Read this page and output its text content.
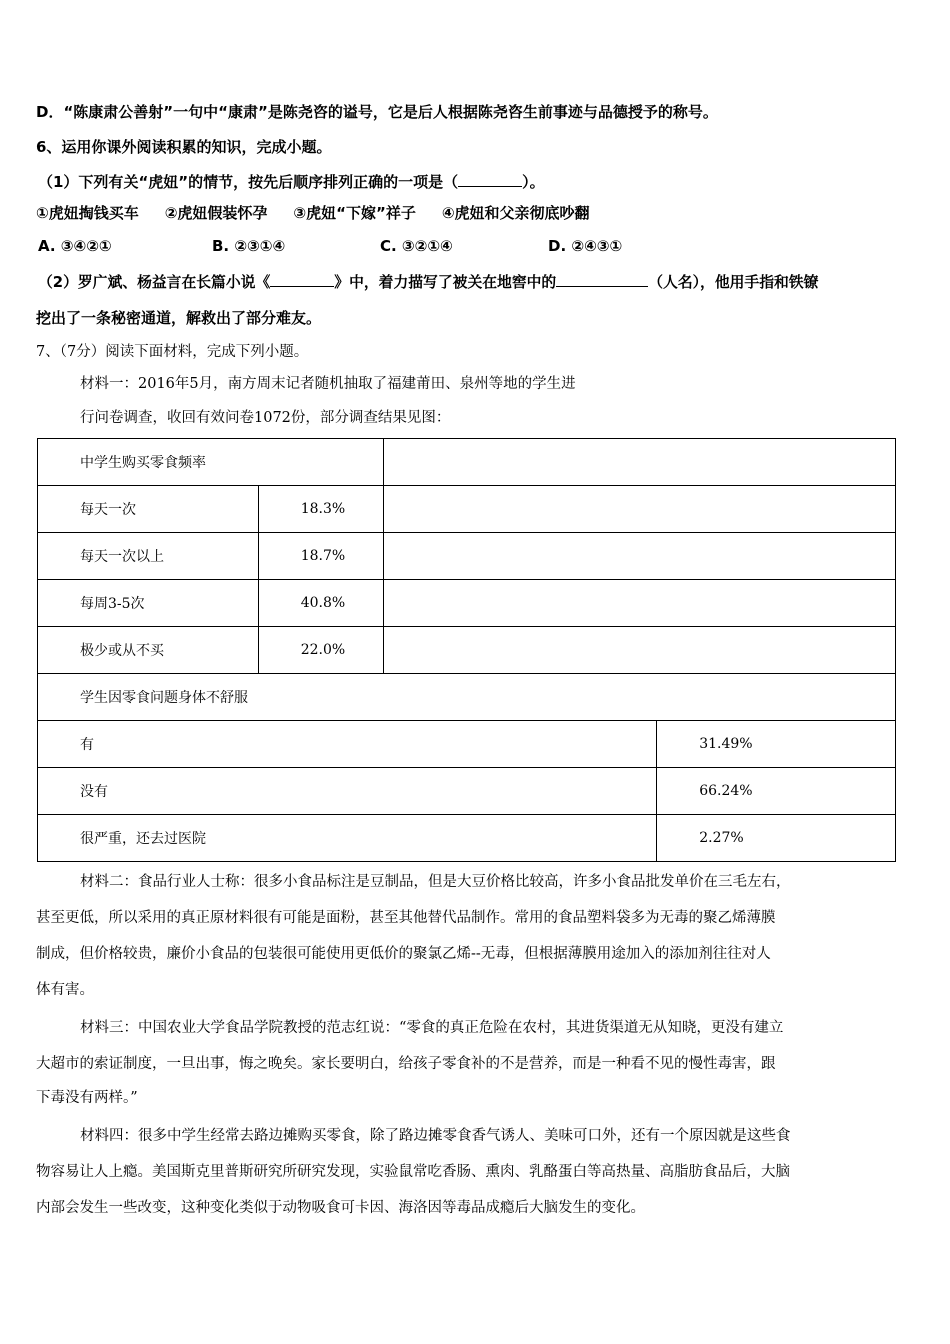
D．“陈康肃公善射”一句中“康肃”是陈尧咨的谥号，它是后人根据陈尧咨生前事迹与品德授予的称号。
6、运用你课外阅读积累的知识，完成小题。
（1）下列有关“虎妞”的情节，按先后顺序排列正确的一项是（	）。
①虎妞掏钱买车 ②虎妞假装怀孕 ③虎妞“下嫁”祥子 ④虎妞和父亲彻底吵翻
A. ③④②①	B. ②③①④	C. ③②①④	D. ②④③①
（2）罗广斌、杨益言在长篇小说《	》中，着力描写了被关在地窖中的	（人名），他用手指和铁镣
挖出了一条秘密通道，解救出了部分难友。
7、（7分）阅读下面材料，完成下列小题。
材料一：2016年5月，南方周末记者随机抽取了福建莆田、泉州等地的学生进
行问卷调查，收回有效问卷1072份，部分调查结果见图：
中学生购买零食频率			
每天一次	18.3%		
每天一次以上	18.7%		
每周3-5次	40.8%		
极少或从不买	22.0%		
学生因零食问题身体不舒服			
有			31.49%
没有			66.24%
很严重，还去过医院			2.27%
材料二：食品行业人士称：很多小食品标注是豆制品，但是大豆价格比较高，许多小食品批发单价在三毛左右，
甚至更低，所以采用的真正原材料很有可能是面粉，甚至其他替代品制作。常用的食品塑料袋多为无毒的聚乙烯薄膜
制成，但价格较贵，廉价小食品的包装很可能使用更低价的聚氯乙烯--无毒，但根据薄膜用途加入的添加剂往往对人
体有害。
材料三：中国农业大学食品学院教授的范志红说：“零食的真正危险在农村，其进货渠道无从知晓，更没有建立
大超市的索证制度，一旦出事，悔之晚矣。家长要明白，给孩子零食补的不是营养，而是一种看不见的慢性毒害，跟
下毒没有两样。”
材料四：很多中学生经常去路边摊购买零食，除了路边摊零食香气诱人、美味可口外，还有一个原因就是这些食
物容易让人上瘾。美国斯克里普斯研究所研究发现，实验鼠常吃香肠、熏肉、乳酪蛋白等高热量、高脂肪食品后，大脑
内部会发生一些改变，这种变化类似于动物吸食可卡因、海洛因等毒品成瘾后大脑发生的变化。
